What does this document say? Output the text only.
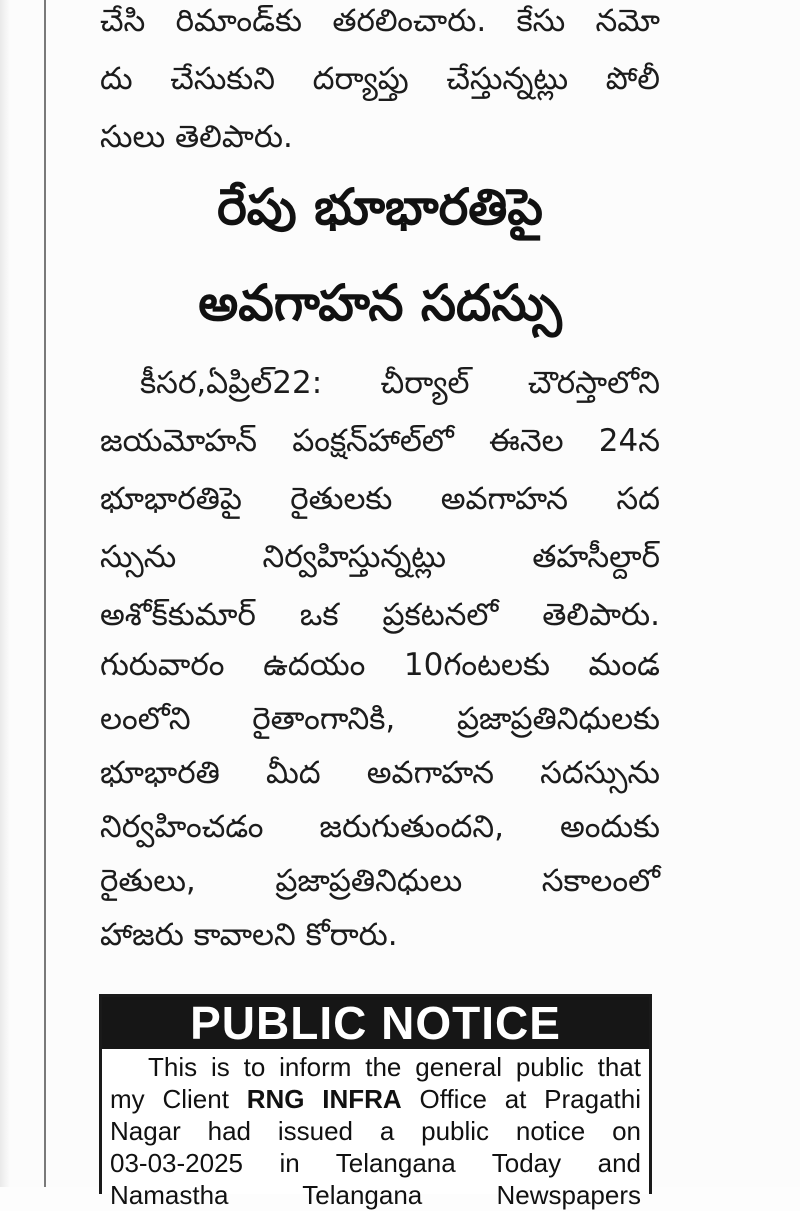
చేసి రిమాండ్‌కు తరలించారు. కేసు నమో
దు చేసుకుని దర్యాప్తు చేస్తున్నట్లు పోలీ
సులు తెలిపారు.
రేపు భూభారతిపై
అవగాహన సదస్సు
కీసర,ఏప్రిల్22: చీర్యాల్ చౌరస్తాలోని
జయమోహన్ పంక్షన్‌హాల్‌లో ఈనెల 24న
భూభారతిపై రైతులకు అవగాహన సద
స్సును నిర్వహిస్తున్నట్లు తహసీల్దార్
అశోక్‌కుమార్ ఒక ప్రకటనలో తెలిపారు.
గురువారం ఉదయం 10గంటలకు మండ
లంలోని రైతాంగానికి, ప్రజాప్రతినిధులకు
భూభారతి మీద అవగాహన సదస్సును
నిర్వహించడం జరుగుతుందని, అందుకు
రైతులు, ప్రజాప్రతినిధులు సకాలంలో
హాజరు కావాలని కోరారు.
PUBLIC NOTICE
This is to inform the general public that
my Client RNG INFRA Office at Pragathi
Nagar had issued a public notice on
03-03-2025 in Telangana Today and
Namastha Telangana Newspapers
